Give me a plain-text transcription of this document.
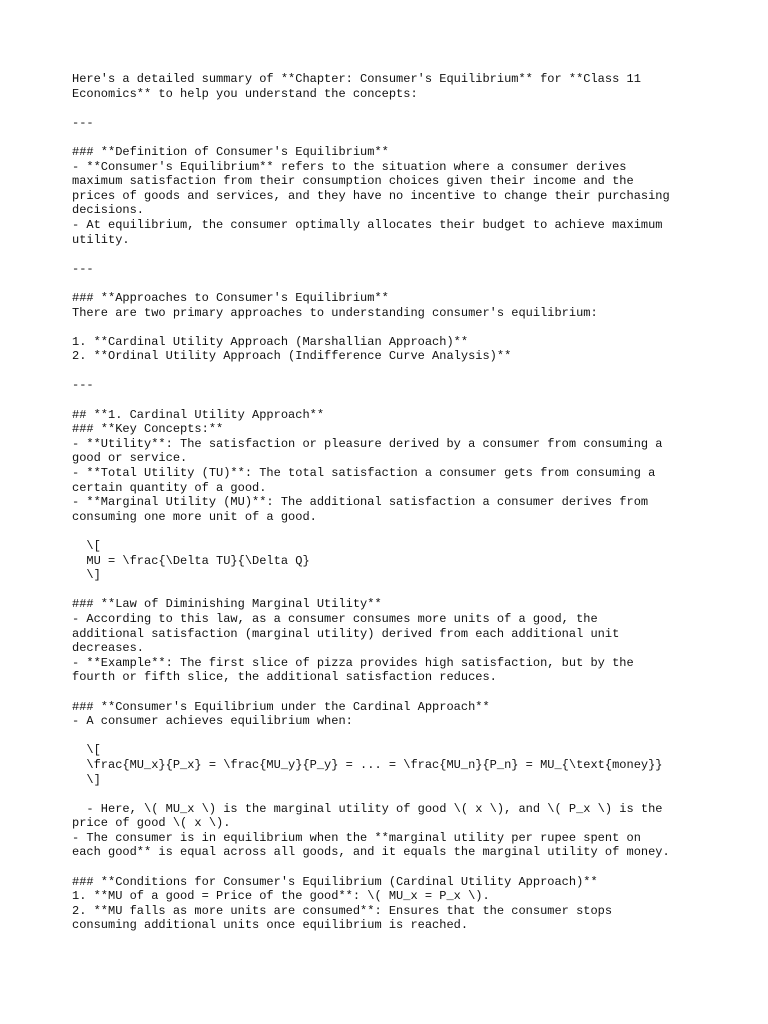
Here's a detailed summary of **Chapter: Consumer's Equilibrium** for **Class 11
Economics** to help you understand the concepts:

---

### **Definition of Consumer's Equilibrium**
- **Consumer's Equilibrium** refers to the situation where a consumer derives
maximum satisfaction from their consumption choices given their income and the
prices of goods and services, and they have no incentive to change their purchasing
decisions.
- At equilibrium, the consumer optimally allocates their budget to achieve maximum
utility.

---

### **Approaches to Consumer's Equilibrium**
There are two primary approaches to understanding consumer's equilibrium:

1. **Cardinal Utility Approach (Marshallian Approach)**
2. **Ordinal Utility Approach (Indifference Curve Analysis)**

---

## **1. Cardinal Utility Approach**
### **Key Concepts:**
- **Utility**: The satisfaction or pleasure derived by a consumer from consuming a
good or service.
- **Total Utility (TU)**: The total satisfaction a consumer gets from consuming a
certain quantity of a good.
- **Marginal Utility (MU)**: The additional satisfaction a consumer derives from
consuming one more unit of a good.

\[
MU = \frac{\Delta TU}{\Delta Q}
\]

### **Law of Diminishing Marginal Utility**
- According to this law, as a consumer consumes more units of a good, the
additional satisfaction (marginal utility) derived from each additional unit
decreases.
- **Example**: The first slice of pizza provides high satisfaction, but by the
fourth or fifth slice, the additional satisfaction reduces.

### **Consumer's Equilibrium under the Cardinal Approach**
- A consumer achieves equilibrium when:

\[
\frac{MU_x}{P_x} = \frac{MU_y}{P_y} = ... = \frac{MU_n}{P_n} = MU_{\text{money}}
\]

- Here, \( MU_x \) is the marginal utility of good \( x \), and \( P_x \) is the
price of good \( x \).
- The consumer is in equilibrium when the **marginal utility per rupee spent on
each good** is equal across all goods, and it equals the marginal utility of money.

### **Conditions for Consumer's Equilibrium (Cardinal Utility Approach)**
1. **MU of a good = Price of the good**: \( MU_x = P_x \).
2. **MU falls as more units are consumed**: Ensures that the consumer stops
consuming additional units once equilibrium is reached.
